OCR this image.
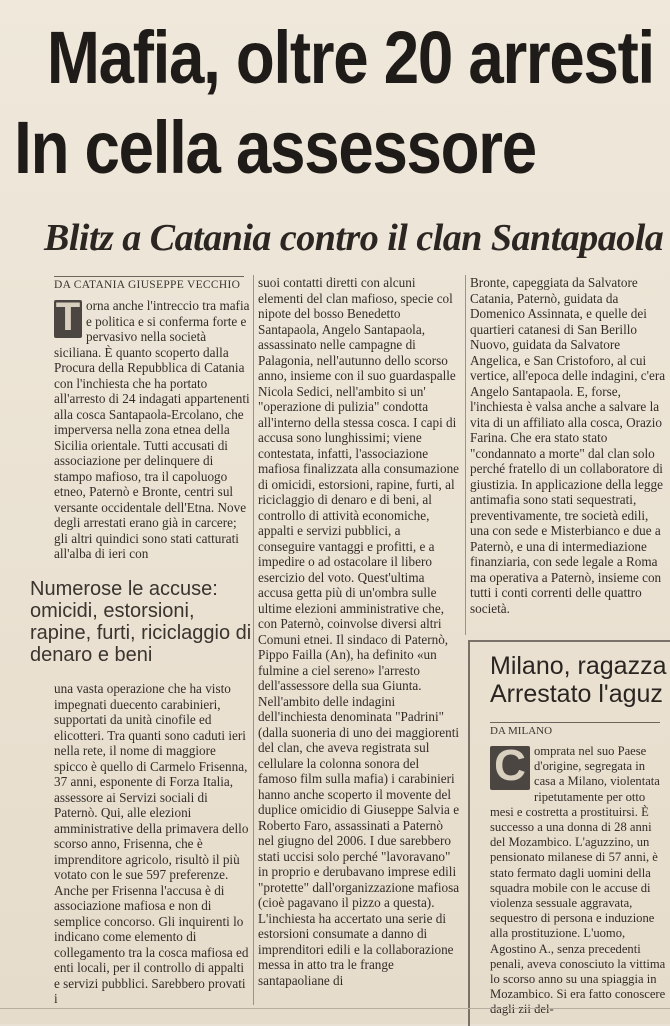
Mafia, oltre 20 arresti
In cella assessore
Blitz a Catania contro il clan Santapaola
DA CATANIA GIUSEPPE VECCHIO
T orna anche l'intreccio tra mafia e politica e si conferma forte e pervasivo nella società siciliana. È quanto scoperto dalla Procura della Repubblica di Catania con l'inchiesta che ha portato all'arresto di 24 indagati appartenenti alla cosca Santapaola-Ercolano, che imperversa nella zona etnea della Sicilia orientale. Tutti accusati di associazione per delinquere di stampo mafioso, tra il capoluogo etneo, Paternò e Bronte, centri sul versante occidentale dell'Etna. Nove degli arrestati erano già in carcere; gli altri quindici sono stati catturati all'alba di ieri con

Numerose le accuse: omicidi, estorsioni, rapine, furti, riciclaggio di denaro e beni

una vasta operazione che ha visto impegnati duecento carabinieri, supportati da unità cinofile ed elicotteri. Tra quanti sono caduti ieri nella rete, il nome di maggiore spicco è quello di Carmelo Frisenna, 37 anni, esponente di Forza Italia, assessore ai Servizi sociali di Paternò. Qui, alle elezioni amministrative della primavera dello scorso anno, Frisenna, che è imprenditore agricolo, risultò il più votato con le sue 597 preferenze. Anche per Frisenna l'accusa è di associazione mafiosa e non di semplice concorso. Gli inquirenti lo indicano come elemento di collegamento tra la cosca mafiosa ed enti locali, per il controllo di appalti e servizi pubblici. Sarebbero provati i

suoi contatti diretti con alcuni elementi del clan mafioso, specie col nipote del bosso Benedetto Santapaola, Angelo Santapaola, assassinato nelle campagne di Palagonia, nell'autunno dello scorso anno, insieme con il suo guardaspalle Nicola Sedici, nell'ambito si un' "operazione di pulizia" condotta all'interno della stessa cosca. I capi di accusa sono lunghissimi; viene contestata, infatti, l'associazione mafiosa finalizzata alla consumazione di omicidi, estorsioni, rapine, furti, al riciclaggio di denaro e di beni, al controllo di attività economiche, appalti e servizi pubblici, a conseguire vantaggi e profitti, e a impedire o ad ostacolare il libero esercizio del voto. Quest'ultima accusa getta più di un'ombra sulle ultime elezioni amministrative che, con Paternò, coinvolse diversi altri Comuni etnei. Il sindaco di Paternò, Pippo Failla (An), ha definito «un fulmine a ciel sereno» l'arresto dell'assessore della sua Giunta. Nell'ambito delle indagini dell'inchiesta denominata "Padrini" (dalla suoneria di uno dei maggiorenti del clan, che aveva registrata sul cellulare la colonna sonora del famoso film sulla mafia) i carabinieri hanno anche scoperto il movente del duplice omicidio di Giuseppe Salvia e Roberto Faro, assassinati a Paternò nel giugno del 2006. I due sarebbero stati uccisi solo perché "lavoravano" in proprio e derubavano imprese edili "protette" dall'organizzazione mafiosa (cioè pagavano il pizzo a questa). L'inchiesta ha accertato una serie di estorsioni consumate a danno di imprenditori edili e la collaborazione messa in atto tra le frange santapaoliane di

Bronte, capeggiata da Salvatore Catania, Paternò, guidata da Domenico Assinnata, e quelle dei quartieri catanesi di San Berillo Nuovo, guidata da Salvatore Angelica, e San Cristoforo, al cui vertice, all'epoca delle indagini, c'era Angelo Santapaola. E, forse, l'inchiesta è valsa anche a salvare la vita di un affiliato alla cosca, Orazio Farina. Che era stato stato "condannato a morte" dal clan solo perché fratello di un collaboratore di giustizia. In applicazione della legge antimafia sono stati sequestrati, preventivamente, tre società edili, una con sede e Misterbianco e due a Paternò, e una di intermediazione finanziaria, con sede legale a Roma ma operativa a Paternò, insieme con tutti i conti correnti delle quattro società.

Milano, ragazza
Arrestato l'aguz
DA MILANO
C omprata nel suo Paese d'origine, segregata in casa a Milano, violentata ripetutamente per otto mesi e costretta a prostituirsi. È successo a una donna di 28 anni del Mozambico. L'aguzzino, un pensionato milanese di 57 anni, è stato fermato dagli uomini della squadra mobile con le accuse di violenza sessuale aggravata, sequestro di persona e induzione alla prostituzione. L'uomo, Agostino A., senza precedenti penali, aveva conosciuto la vittima lo scorso anno su una spiaggia in Mozambico. Si era fatto conoscere dagli zii del-
